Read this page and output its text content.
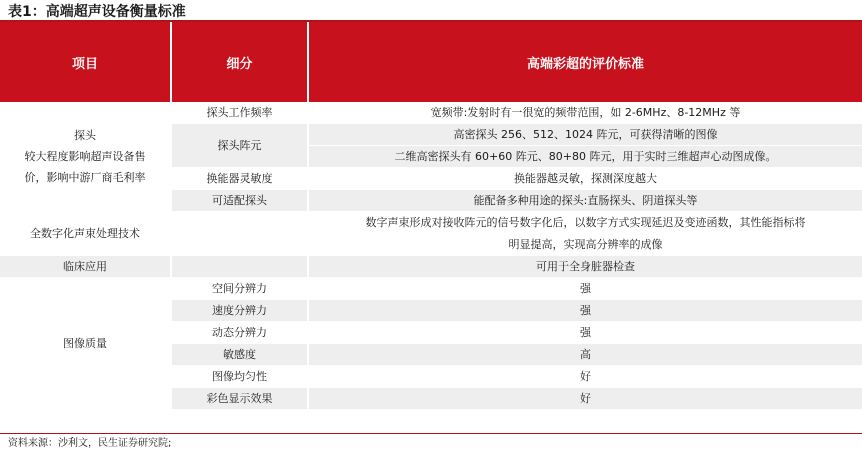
表1：高端超声设备衡量标准
项目	细分	高端彩超的评价标准

探头
较大程度影响超声设备售
价，影响中游厂商毛利率	探头工作频率	宽频带:发射时有一很宽的频带范围，如 2-6MHz、8-12MHz 等
	探头阵元	高密探头 256、512、1024 阵元，可获得清晰的图像
		二维高密探头有 60+60 阵元、80+80 阵元，用于实时三维超声心动图成像。
	换能器灵敏度	换能器越灵敏，探测深度越大
	可适配探头	能配备多种用途的探头:直肠探头、阴道探头等
全数字化声束处理技术		数字声束形成对接收阵元的信号数字化后，以数字方式实现延迟及变迹函数，其性能指标将
		明显提高，实现高分辨率的成像
临床应用		可用于全身脏器检查
图像质量	空间分辨力	强
	速度分辨力	强
	动态分辨力	强
	敏感度	高
	图像均匀性	好
	彩色显示效果	好
资料来源：沙利文，民生证券研究院;
